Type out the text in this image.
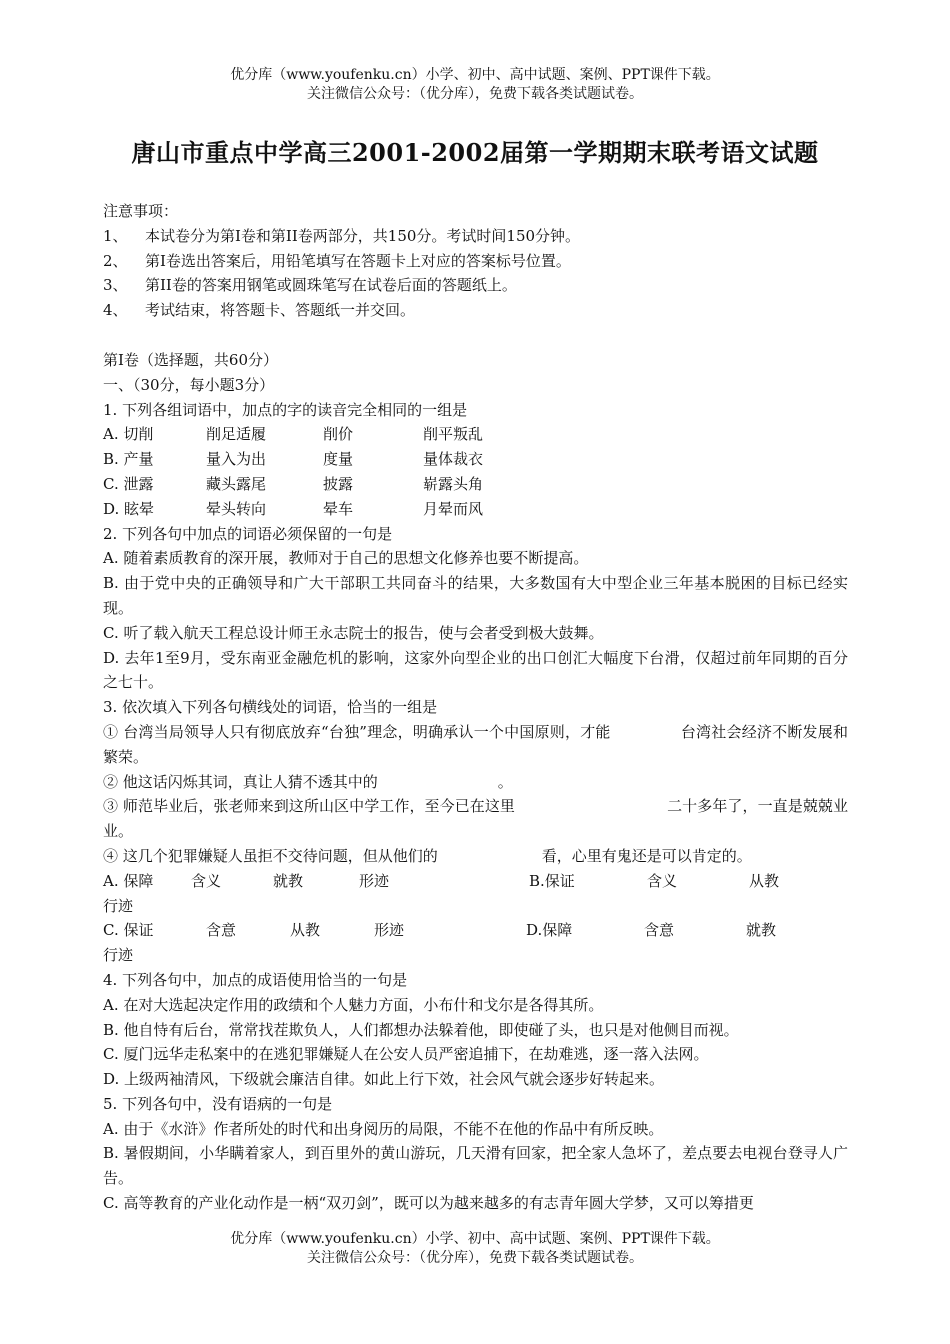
优分库（www.youfenku.cn）小学、初中、高中试题、案例、PPT课件下载。
关注微信公众号：（优分库），免费下载各类试题试卷。
唐山市重点中学高三2001-2002届第一学期期末联考语文试题

注意事项：

1、 本试卷分为第I卷和第II卷两部分，共150分。考试时间150分钟。

2、 第I卷选出答案后，用铅笔填写在答题卡上对应的答案标号位置。

3、 第II卷的答案用钢笔或圆珠笔写在试卷后面的答题纸上。

4、 考试结束，将答题卡、答题纸一并交回。

第I卷（选择题，共60分）

一、（30分，每小题3分）

1. 下列各组词语中，加点的字的读音完全相同的一组是

A. 切削	削足适履	削价	削平叛乱

B. 产量	量入为出	度量	量体裁衣

C. 泄露	藏头露尾	披露	崭露头角

D. 眩晕	晕头转向	晕车	月晕而风

2. 下列各句中加点的词语必须保留的一句是

A. 随着素质教育的深开展，教师对于自己的思想文化修养也要不断提高。

B. 由于党中央的正确领导和广大干部职工共同奋斗的结果，大多数国有大中型企业三年基本脱困的目标已经实现。

C. 听了载入航天工程总设计师王永志院士的报告，使与会者受到极大鼓舞。

D. 去年1至9月，受东南亚金融危机的影响，这家外向型企业的出口创汇大幅度下台滑，仅超过前年同期的百分之七十。

3. 依次填入下列各句横线处的词语，恰当的一组是

① 台湾当局领导人只有彻底放弃“台独”理念，明确承认一个中国原则，才能	台湾社会经济不断发展和繁荣。

② 他这话闪烁其词，真让人猜不透其中的	。

③ 师范毕业后，张老师来到这所山区中学工作，至今已在这里	二十多年了，一直是兢兢业业。

④ 这几个犯罪嫌疑人虽拒不交待问题，但从他们的	看，心里有鬼还是可以肯定的。

A. 保障	含义	就教	形迹	B.保证	含义	从教

行迹

C. 保证	含意	从教	形迹	D.保障	含意	就教

行迹

4. 下列各句中，加点的成语使用恰当的一句是

A. 在对大选起决定作用的政绩和个人魅力方面，小布什和戈尔是各得其所。

B. 他自恃有后台，常常找茬欺负人，人们都想办法躲着他，即使碰了头，也只是对他侧目而视。

C. 厦门远华走私案中的在逃犯罪嫌疑人在公安人员严密追捕下，在劫难逃，逐一落入法网。

D. 上级两袖清风，下级就会廉洁自律。如此上行下效，社会风气就会逐步好转起来。

5. 下列各句中，没有语病的一句是

A. 由于《水浒》作者所处的时代和出身阅历的局限，不能不在他的作品中有所反映。

B. 暑假期间，小华瞒着家人，到百里外的黄山游玩，几天滑有回家，把全家人急坏了，差点要去电视台登寻人广告。

C. 高等教育的产业化动作是一柄“双刃剑”，既可以为越来越多的有志青年圆大学梦，又可以筹措更

优分库（www.youfenku.cn）小学、初中、高中试题、案例、PPT课件下载。
关注微信公众号：（优分库），免费下载各类试题试卷。
